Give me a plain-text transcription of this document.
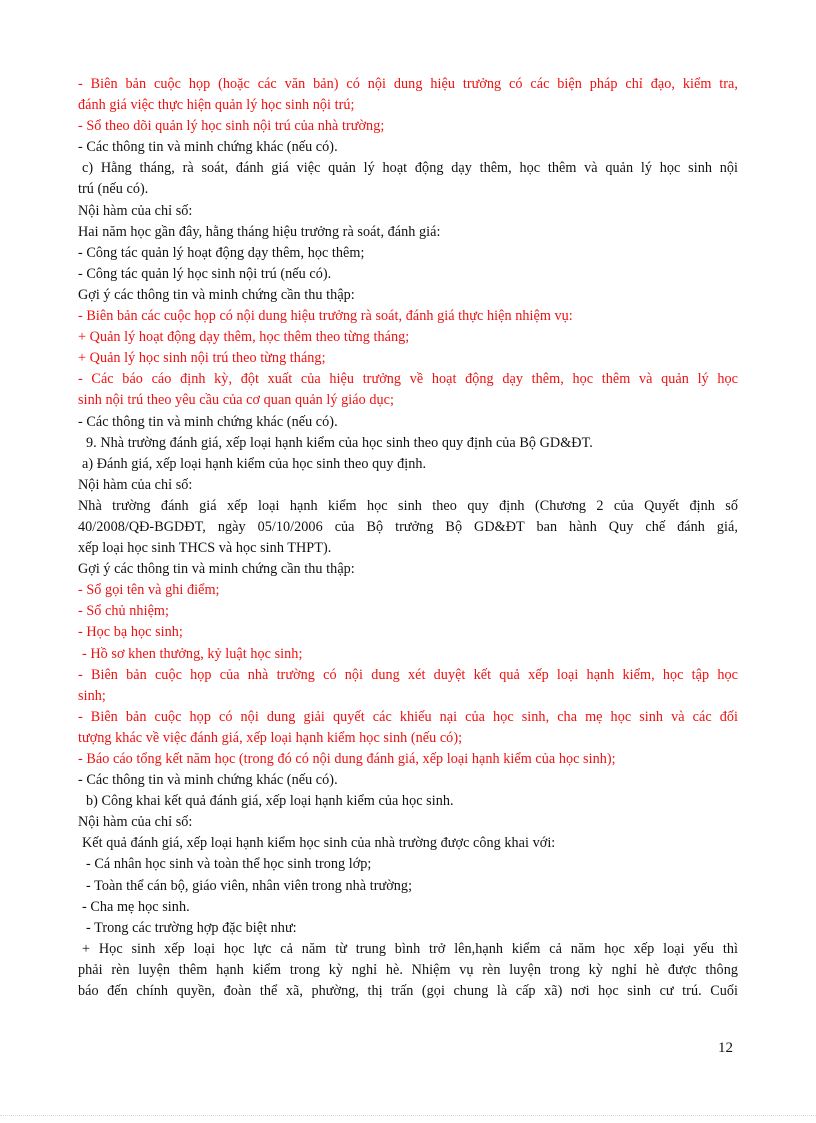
- Biên bản cuộc họp (hoặc các văn bản) có nội dung hiệu trưởng có các biện pháp chỉ đạo, kiểm tra,
đánh giá việc thực hiện quản lý học sinh nội trú;
- Sổ theo dõi quản lý học sinh nội trú của nhà trường;
- Các thông tin và minh chứng khác (nếu có).
c) Hằng tháng, rà soát, đánh giá việc quản lý hoạt động dạy thêm, học thêm và quản lý học sinh nội
trú (nếu có).
Nội hàm của chỉ số:
Hai năm học gần đây, hằng tháng hiệu trưởng rà soát, đánh giá:
- Công tác quản lý hoạt động dạy thêm, học thêm;
- Công tác quản lý học sinh nội trú (nếu có).
Gợi ý các thông tin và minh chứng cần thu thập:
- Biên bản các cuộc họp có nội dung hiệu trưởng rà soát, đánh giá thực hiện nhiệm vụ:
+ Quản lý hoạt động dạy thêm, học thêm theo từng tháng;
+ Quản lý học sinh nội trú theo từng tháng;
- Các báo cáo định kỳ, đột xuất của hiệu trưởng về hoạt động dạy thêm, học thêm và quản lý học
sinh nội trú theo yêu cầu của cơ quan quản lý giáo dục;
- Các thông tin và minh chứng khác (nếu có).
9. Nhà trường đánh giá, xếp loại hạnh kiểm của học sinh theo quy định của Bộ GD&ĐT.
a) Đánh giá, xếp loại hạnh kiểm của học sinh theo quy định.
Nội hàm của chỉ số:
Nhà trường đánh giá xếp loại hạnh kiểm học sinh theo quy định (Chương 2 của Quyết định số
40/2008/QĐ-BGDĐT, ngày 05/10/2006 của Bộ trưởng Bộ GD&ĐT ban hành Quy chế đánh giá,
xếp loại học sinh THCS và học sinh THPT).
Gợi ý các thông tin và minh chứng cần thu thập:
- Sổ gọi tên và ghi điểm;
- Sổ chủ nhiệm;
- Học bạ học sinh;
- Hồ sơ khen thưởng, kỷ luật học sinh;
- Biên bản cuộc họp của nhà trường có nội dung xét duyệt kết quả xếp loại hạnh kiểm, học tập học
sinh;
- Biên bản cuộc họp có nội dung giải quyết các khiếu nại của học sinh, cha mẹ học sinh và các đối
tượng khác về việc đánh giá, xếp loại hạnh kiểm học sinh (nếu có);
- Báo cáo tổng kết năm học (trong đó có nội dung đánh giá, xếp loại hạnh kiểm của học sinh);
- Các thông tin và minh chứng khác (nếu có).
b) Công khai kết quả đánh giá, xếp loại hạnh kiểm của học sinh.
Nội hàm của chỉ số:
Kết quả đánh giá, xếp loại hạnh kiểm học sinh của nhà trường được công khai với:
- Cá nhân học sinh và toàn thể học sinh trong lớp;
- Toàn thể cán bộ, giáo viên, nhân viên trong nhà trường;
- Cha mẹ học sinh.
- Trong các trường hợp đặc biệt như:
+ Học sinh xếp loại học lực cả năm từ trung bình trở lên,hạnh kiểm cả năm học xếp loại yếu thì
phải rèn luyện thêm hạnh kiểm trong kỳ nghỉ hè. Nhiệm vụ rèn luyện trong kỳ nghỉ hè được thông
báo đến chính quyền, đoàn thể xã, phường, thị trấn (gọi chung là cấp xã) nơi học sinh cư trú. Cuối
12
